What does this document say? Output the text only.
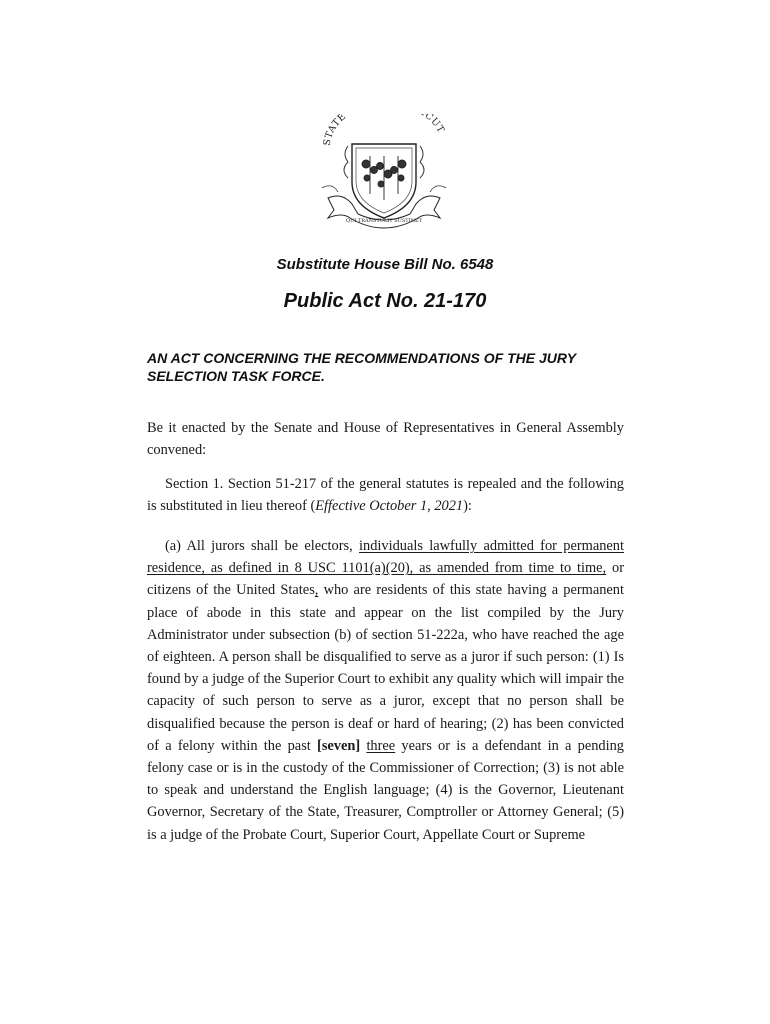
STATE CUT
QUI TRANSTULIT SUSTINET
Substitute House Bill No. 6548
Public Act No. 21-170
AN ACT CONCERNING THE RECOMMENDATIONS OF THE JURY SELECTION TASK FORCE.
Be it enacted by the Senate and House of Representatives in General Assembly convened:
Section 1. Section 51-217 of the general statutes is repealed and the following is substituted in lieu thereof (Effective October 1, 2021):
(a) All jurors shall be electors, individuals lawfully admitted for permanent residence, as defined in 8 USC 1101(a)(20), as amended from time to time, or citizens of the United States, who are residents of this state having a permanent place of abode in this state and appear on the list compiled by the Jury Administrator under subsection (b) of section 51-222a, who have reached the age of eighteen. A person shall be disqualified to serve as a juror if such person: (1) Is found by a judge of the Superior Court to exhibit any quality which will impair the capacity of such person to serve as a juror, except that no person shall be disqualified because the person is deaf or hard of hearing; (2) has been convicted of a felony within the past [seven] three years or is a defendant in a pending felony case or is in the custody of the Commissioner of Correction; (3) is not able to speak and understand the English language; (4) is the Governor, Lieutenant Governor, Secretary of the State, Treasurer, Comptroller or Attorney General; (5) is a judge of the Probate Court, Superior Court, Appellate Court or Supreme
